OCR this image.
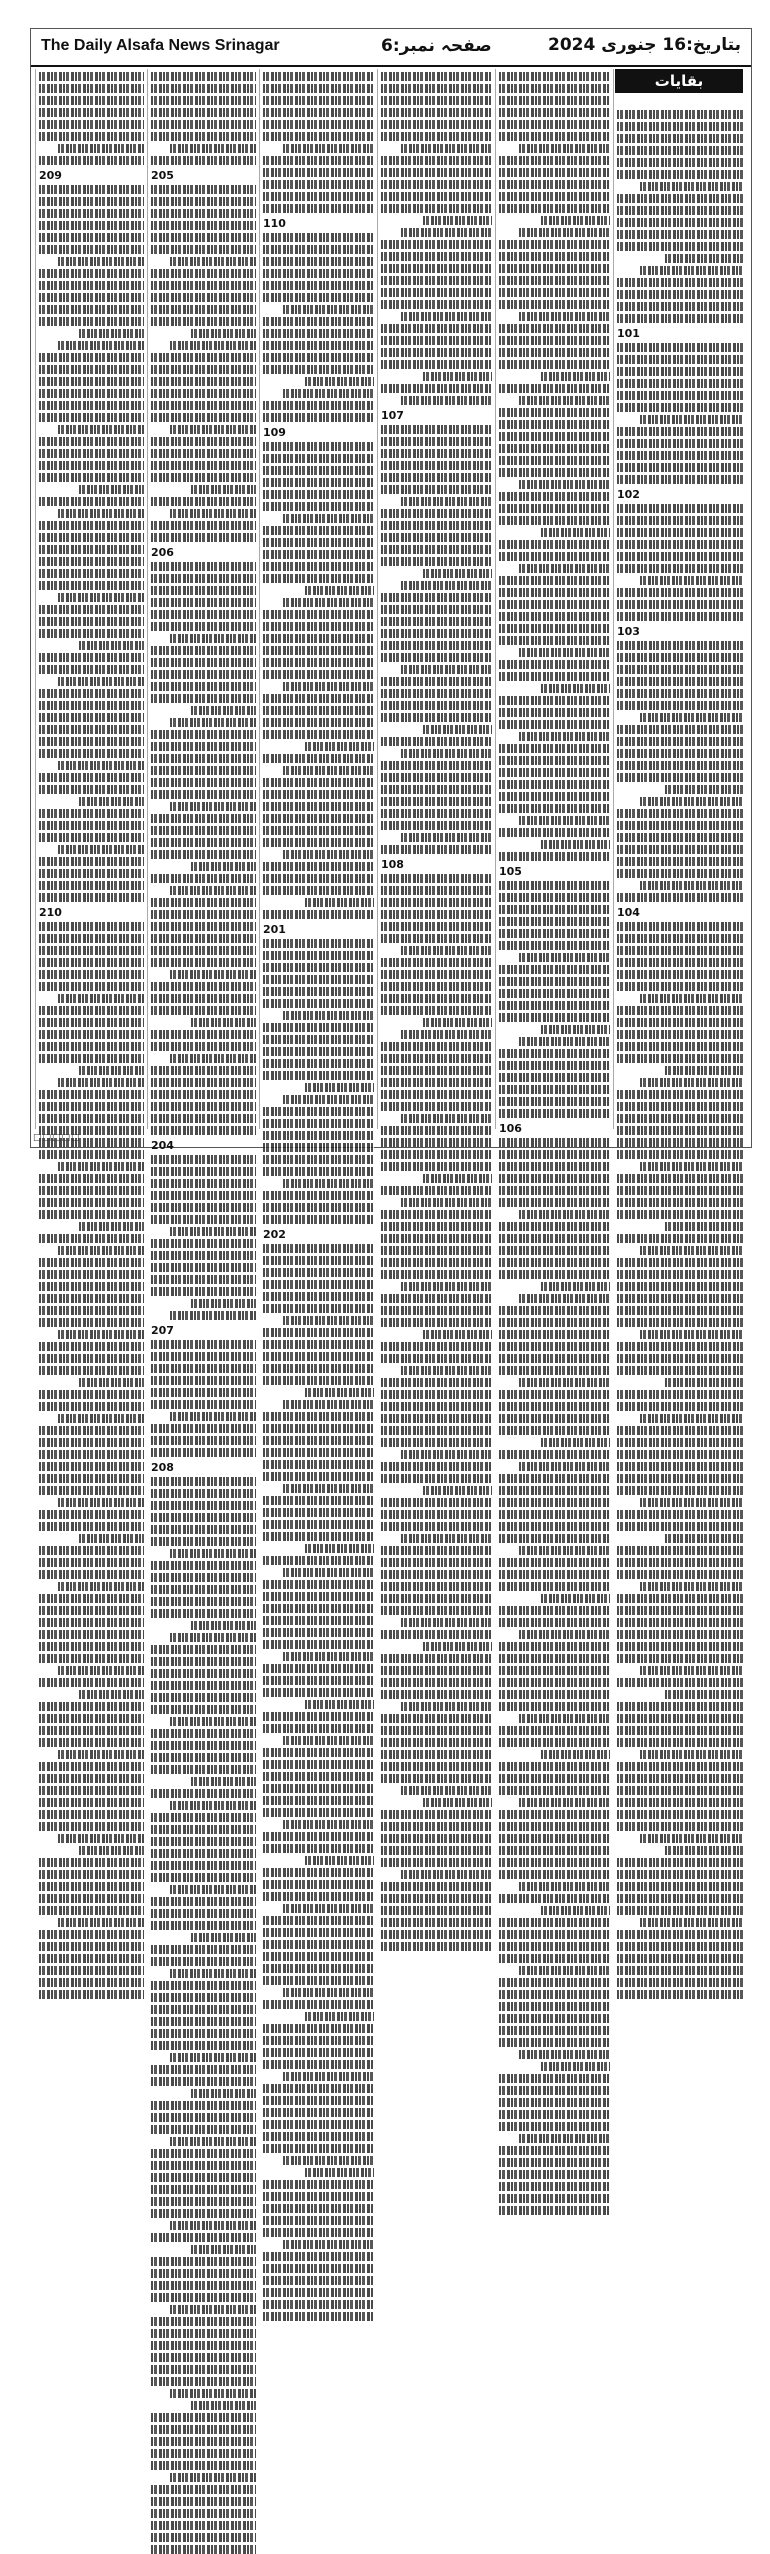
The Daily Alsafa News Srinagar	صفحہ نمبر:6	بتاریخ:16 جنوری 2024
101
102
103
104
105
106
107
108
110
109
201
202
205
206
204
207
208
209
210
بقایات
□□□□□
